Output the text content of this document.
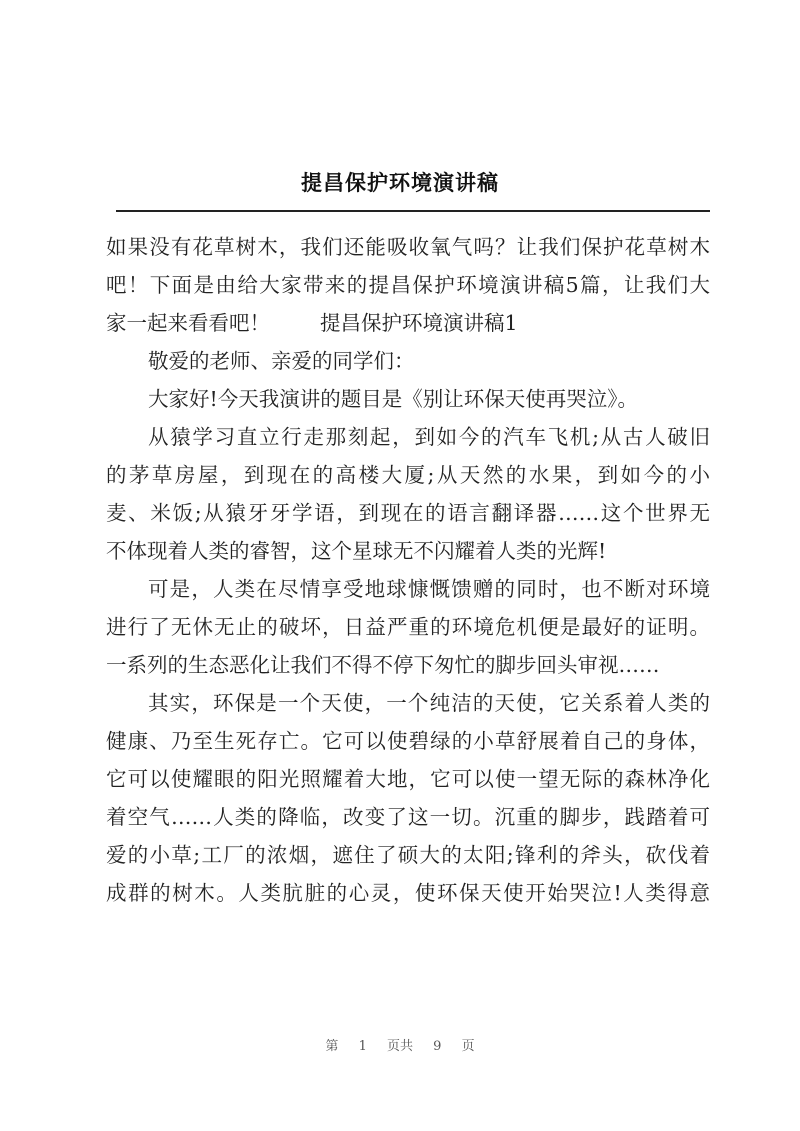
提昌保护环境演讲稿
如果没有花草树木，我们还能吸收氧气吗？让我们保护花草树木
吧！下面是由给大家带来的提昌保护环境演讲稿5篇，让我们大
家一起来看看吧！ 提昌保护环境演讲稿1
敬爱的老师、亲爱的同学们：
大家好!今天我演讲的题目是《别让环保天使再哭泣》。
从猿学习直立行走那刻起，到如今的汽车飞机;从古人破旧
的茅草房屋，到现在的高楼大厦;从天然的水果，到如今的小
麦、米饭;从猿牙牙学语，到现在的语言翻译器……这个世界无
不体现着人类的睿智，这个星球无不闪耀着人类的光辉!
可是，人类在尽情享受地球慷慨馈赠的同时，也不断对环境
进行了无休无止的破坏，日益严重的环境危机便是最好的证明。
一系列的生态恶化让我们不得不停下匆忙的脚步回头审视……
其实，环保是一个天使，一个纯洁的天使，它关系着人类的
健康、乃至生死存亡。它可以使碧绿的小草舒展着自己的身体，
它可以使耀眼的阳光照耀着大地，它可以使一望无际的森林净化
着空气……人类的降临，改变了这一切。沉重的脚步，践踏着可
爱的小草;工厂的浓烟，遮住了硕大的太阳;锋利的斧头，砍伐着
成群的树木。人类肮脏的心灵，使环保天使开始哭泣!人类得意
第 1 页共 9 页
